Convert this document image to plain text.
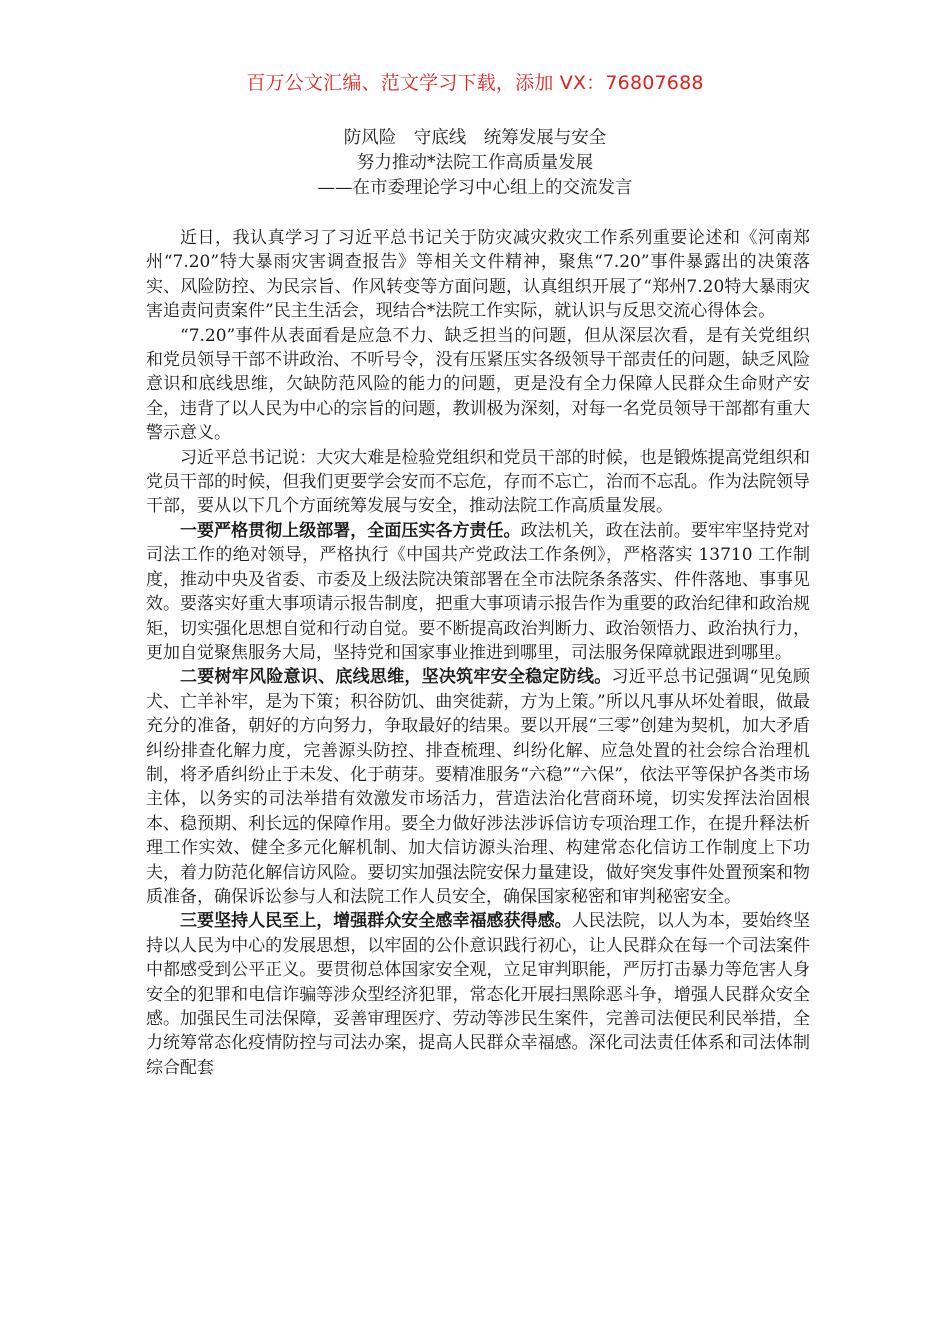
百万公文汇编、范文学习下载，添加 VX：76807688
防风险　守底线　统筹发展与安全
努力推动*法院工作高质量发展
——在市委理论学习中心组上的交流发言

近日，我认真学习了习近平总书记关于防灾减灾救灾工作系列重要论述和《河南郑州“7.20”特大暴雨灾害调查报告》等相关文件精神，聚焦“7.20”事件暴露出的决策落实、风险防控、为民宗旨、作风转变等方面问题，认真组织开展了“郑州7.20特大暴雨灾害追责问责案件”民主生活会，现结合*法院工作实际，就认识与反思交流心得体会。

“7.20”事件从表面看是应急不力、缺乏担当的问题，但从深层次看，是有关党组织和党员领导干部不讲政治、不听号令，没有压紧压实各级领导干部责任的问题，缺乏风险意识和底线思维，欠缺防范风险的能力的问题，更是没有全力保障人民群众生命财产安全，违背了以人民为中心的宗旨的问题，教训极为深刻，对每一名党员领导干部都有重大警示意义。

习近平总书记说：大灾大难是检验党组织和党员干部的时候，也是锻炼提高党组织和党员干部的时候，但我们更要学会安而不忘危，存而不忘亡，治而不忘乱。作为法院领导干部，要从以下几个方面统筹发展与安全，推动法院工作高质量发展。

一要严格贯彻上级部署，全面压实各方责任。政法机关，政在法前。要牢牢坚持党对司法工作的绝对领导，严格执行《中国共产党政法工作条例》，严格落实 13710 工作制度，推动中央及省委、市委及上级法院决策部署在全市法院条条落实、件件落地、事事见效。要落实好重大事项请示报告制度，把重大事项请示报告作为重要的政治纪律和政治规矩，切实强化思想自觉和行动自觉。要不断提高政治判断力、政治领悟力、政治执行力，更加自觉聚焦服务大局，坚持党和国家事业推进到哪里，司法服务保障就跟进到哪里。

二要树牢风险意识、底线思维，坚决筑牢安全稳定防线。习近平总书记强调“见兔顾犬、亡羊补牢，是为下策；积谷防饥、曲突徙薪，方为上策。”所以凡事从坏处着眼，做最充分的准备，朝好的方向努力，争取最好的结果。要以开展“三零”创建为契机，加大矛盾纠纷排查化解力度，完善源头防控、排查梳理、纠纷化解、应急处置的社会综合治理机制，将矛盾纠纷止于未发、化于萌芽。要精准服务“六稳”“六保”，依法平等保护各类市场主体，以务实的司法举措有效激发市场活力，营造法治化营商环境，切实发挥法治固根本、稳预期、利长远的保障作用。要全力做好涉法涉诉信访专项治理工作，在提升释法析理工作实效、健全多元化解机制、加大信访源头治理、构建常态化信访工作制度上下功夫，着力防范化解信访风险。要切实加强法院安保力量建设，做好突发事件处置预案和物质准备，确保诉讼参与人和法院工作人员安全，确保国家秘密和审判秘密安全。

三要坚持人民至上，增强群众安全感幸福感获得感。人民法院，以人为本，要始终坚持以人民为中心的发展思想，以牢固的公仆意识践行初心，让人民群众在每一个司法案件中都感受到公平正义。要贯彻总体国家安全观，立足审判职能，严厉打击暴力等危害人身安全的犯罪和电信诈骗等涉众型经济犯罪，常态化开展扫黑除恶斗争，增强人民群众安全感。加强民生司法保障，妥善审理医疗、劳动等涉民生案件，完善司法便民利民举措，全力统筹常态化疫情防控与司法办案，提高人民群众幸福感。深化司法责任体系和司法体制综合配套
